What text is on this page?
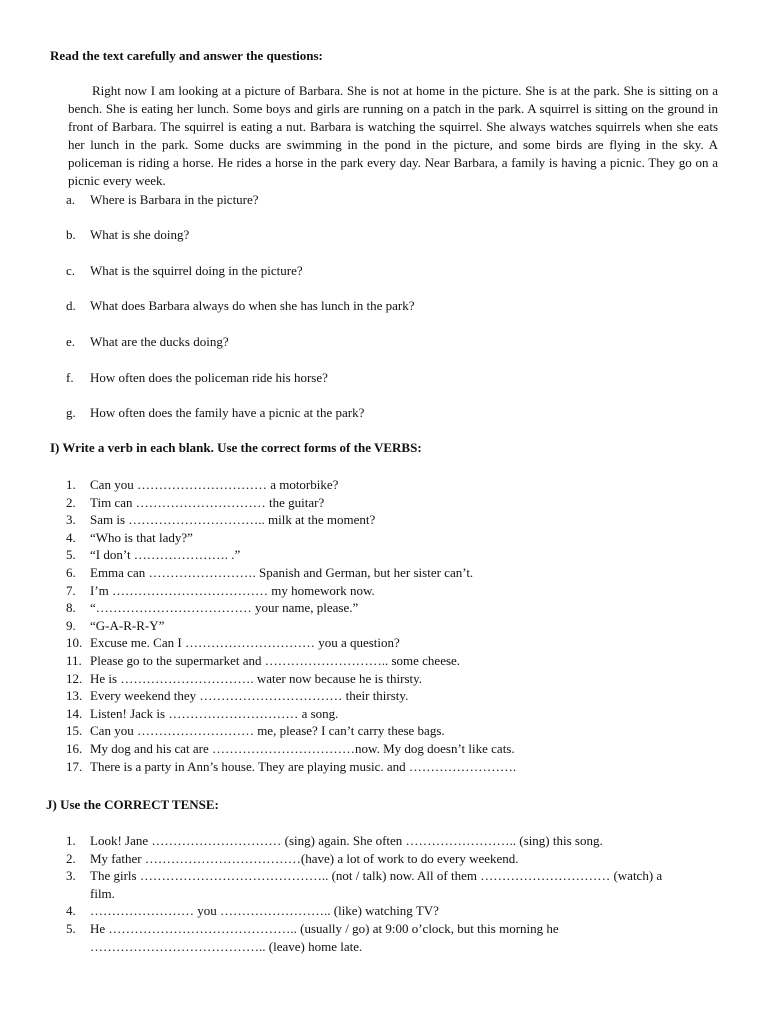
Read the text carefully and answer the questions:

Right now I am looking at a picture of Barbara. She is not at home in the picture. She is at the park. She is sitting on a bench. She is eating her lunch. Some boys and girls are running on a patch in the park. A squirrel is sitting on the ground in front of Barbara. The squirrel is eating a nut. Barbara is watching the squirrel. She always watches squirrels when she eats her lunch in the park. Some ducks are swimming in the pond in the picture, and some birds are flying in the sky. A policeman is riding a horse. He rides a horse in the park every day. Near Barbara, a family is having a picnic. They go on a picnic every week.

a. Where is Barbara in the picture?
b. What is she doing?
c. What is the squirrel doing in the picture?
d. What does Barbara always do when she has lunch in the park?
e. What are the ducks doing?
f. How often does the policeman ride his horse?
g. How often does the family have a picnic at the park?
I) Write a verb in each blank. Use the correct forms of the VERBS:
1.	Can you ………………………… a motorbike?
2.	Tim can ………………………… the guitar?
3.	Sam is ………………………….. milk at the moment?
4.	“Who is that lady?”
5.	“I don’t …………………. .”
6.	Emma can ……………………. Spanish and German, but her sister can’t.
7.	I’m ……………………………… my homework now.
8.	“……………………………… your name, please.”
9.	“G-A-R-R-Y”
10. Excuse me. Can I ………………………… you a question?
11. Please go to the supermarket and ……………………….. some cheese.
12. He is …………………………. water now because he is thirsty.
13. Every weekend they …………………………… their thirsty.
14. Listen! Jack is ………………………… a song.
15. Can you ……………………… me, please? I can’t carry these bags.
16. My dog and his cat are ……………………………now. My dog doesn’t like cats.
17. There is a party in Ann’s house. They are playing music. and …………………….
J) Use the CORRECT TENSE:
1.	Look! Jane ………………………… (sing) again. She often …………………….. (sing) this song.
2.	My father ………………………………(have) a lot of work to do every weekend.
3.	The girls …………………………………….. (not / talk) now. All of them ………………………… (watch) a film.
4.	…………………… you …………………….. (like) watching TV?
5.	He …………………………………….. (usually / go) at 9:00 o’clock, but this morning he ………………………………….. (leave) home late.
